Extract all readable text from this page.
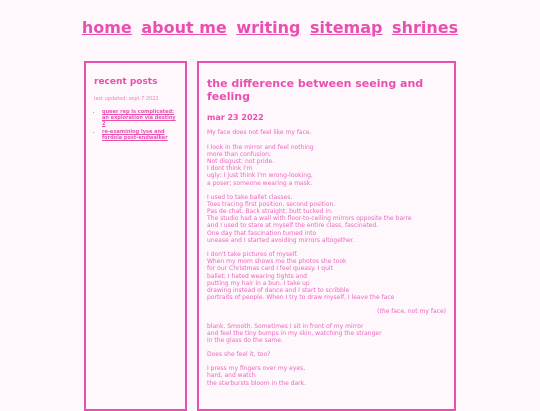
home about me writing sitemap shrines
recent posts
last updated: sept 7 2022
• queer rep is complicated: an exploration via destiny 2
• re-examining lyse and fordola post-endwalker
the difference between seeing and feeling
mar 23 2022

My face does not feel like my face.

I look in the mirror and feel nothing
more than confusion;
Not disgust; not pride.
I dont think I'm
ugly; I just think I'm wrong-looking,
a poser; someone wearing a mask.

I used to take ballet classes.
Toes tracing first position, second position.
Pas de chat. Back straight; butt tucked in.
The studio had a wall with floor-to-ceiling mirrors opposite the barre
and I used to stare at myself the entire class, fascinated.
One day that fascination turned into
unease and I started avoiding mirrors altogether.

I don't take pictures of myself.
When my mom shows me the photos she took
for our Christmas card I feel queasy. I quit
ballet; I hated wearing tights and
putting my hair in a bun. I take up
drawing instead of dance and I start to scribble
portraits of people. When I try to draw myself, I leave the face

(the face, not my face)

blank. Smooth. Sometimes I sit in front of my mirror
and feel the tiny bumps in my skin, watching the stranger
in the glass do the same.

Does she feel it, too?

I press my fingers over my eyes,
hard, and watch
the starbursts bloom in the dark.
